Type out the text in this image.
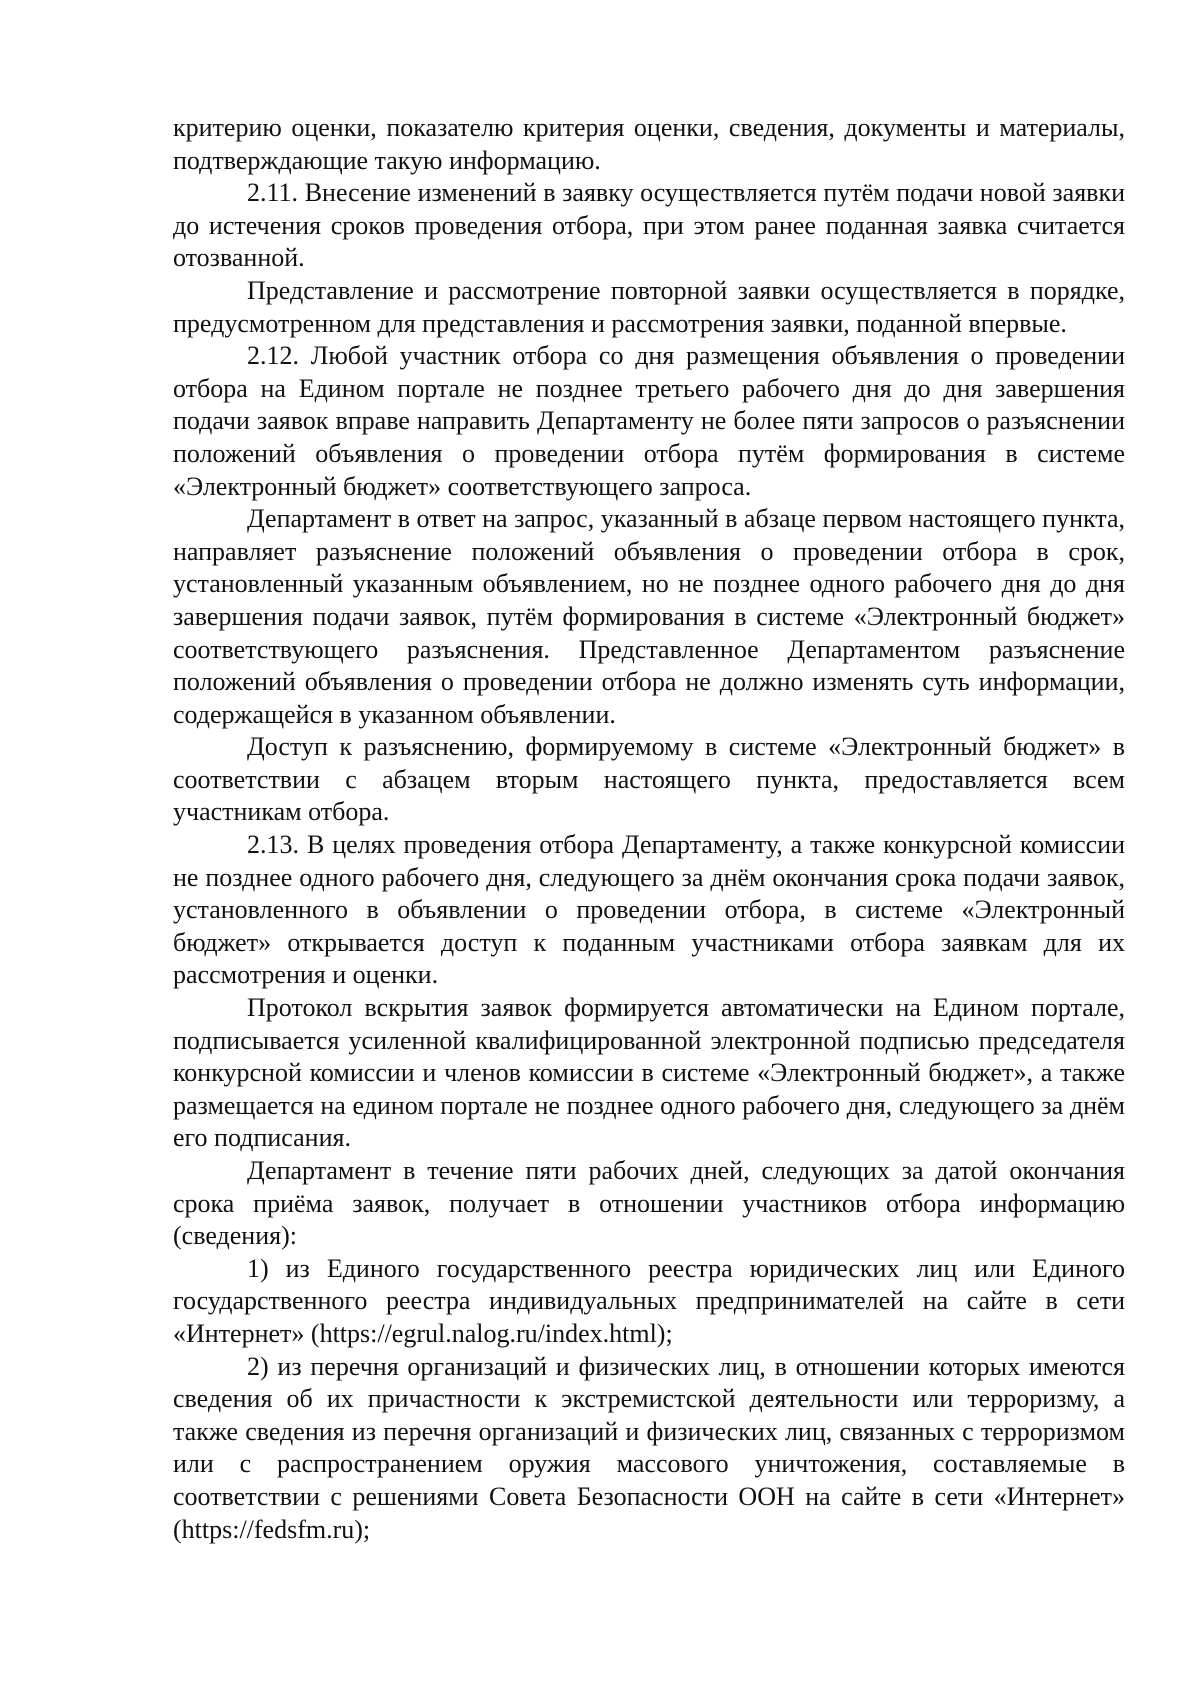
критерию оценки, показателю критерия оценки, сведения, документы и материалы, подтверждающие такую информацию.

2.11. Внесение изменений в заявку осуществляется путём подачи новой заявки до истечения сроков проведения отбора, при этом ранее поданная заявка считается отозванной.

Представление и рассмотрение повторной заявки осуществляется в порядке, предусмотренном для представления и рассмотрения заявки, поданной впервые.

2.12. Любой участник отбора со дня размещения объявления о проведении отбора на Едином портале не позднее третьего рабочего дня до дня завершения подачи заявок вправе направить Департаменту не более пяти запросов о разъяснении положений объявления о проведении отбора путём формирования в системе «Электронный бюджет» соответствующего запроса.

Департамент в ответ на запрос, указанный в абзаце первом настоящего пункта, направляет разъяснение положений объявления о проведении отбора в срок, установленный указанным объявлением, но не позднее одного рабочего дня до дня завершения подачи заявок, путём формирования в системе «Электронный бюджет» соответствующего разъяснения. Представленное Департаментом разъяснение положений объявления о проведении отбора не должно изменять суть информации, содержащейся в указанном объявлении.

Доступ к разъяснению, формируемому в системе «Электронный бюджет» в соответствии с абзацем вторым настоящего пункта, предоставляется всем участникам отбора.

2.13. В целях проведения отбора Департаменту, а также конкурсной комиссии не позднее одного рабочего дня, следующего за днём окончания срока подачи заявок, установленного в объявлении о проведении отбора, в системе «Электронный бюджет» открывается доступ к поданным участниками отбора заявкам для их рассмотрения и оценки.

Протокол вскрытия заявок формируется автоматически на Едином портале, подписывается усиленной квалифицированной электронной подписью председателя конкурсной комиссии и членов комиссии в системе «Электронный бюджет», а также размещается на едином портале не позднее одного рабочего дня, следующего за днём его подписания.

Департамент в течение пяти рабочих дней, следующих за датой окончания срока приёма заявок, получает в отношении участников отбора информацию (сведения):

1) из Единого государственного реестра юридических лиц или Единого государственного реестра индивидуальных предпринимателей на сайте в сети «Интернет» (https://egrul.nalog.ru/index.html);

2) из перечня организаций и физических лиц, в отношении которых имеются сведения об их причастности к экстремистской деятельности или терроризму, а также сведения из перечня организаций и физических лиц, связанных с терроризмом или с распространением оружия массового уничтожения, составляемые в соответствии с решениями Совета Безопасности ООН на сайте в сети «Интернет» (https://fedsfm.ru);
